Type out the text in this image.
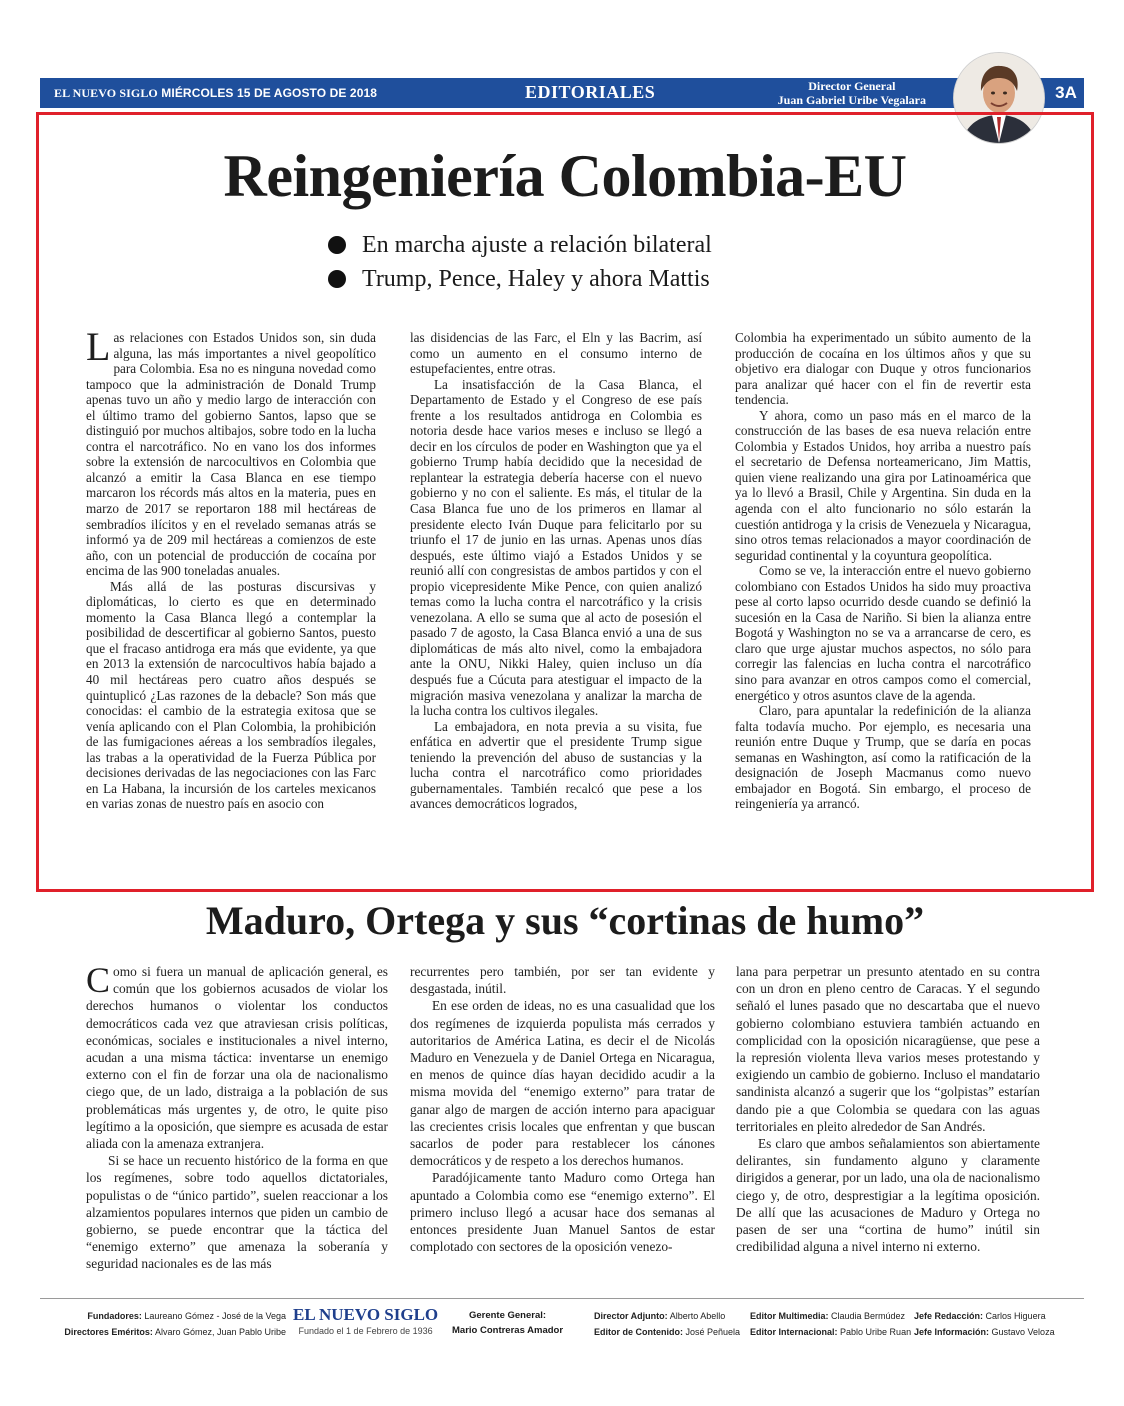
EL NUEVO SIGLO MIÉRCOLES 15 DE AGOSTO DE 2018	EDITORIALES	Director General
Juan Gabriel Uribe Vegalara	3A
Reingeniería Colombia-EU
En marcha ajuste a relación bilateral
Trump, Pence, Haley y ahora Mattis

Las relaciones con Estados Unidos son, sin duda alguna, las más importantes a nivel geopolítico para Colombia. Esa no es ninguna novedad como tampoco que la administración de Donald Trump apenas tuvo un año y medio largo de interacción con el último tramo del gobierno Santos, lapso que se distinguió por muchos altibajos, sobre todo en la lucha contra el narcotráfico. No en vano los dos informes sobre la extensión de narcocultivos en Colombia que alcanzó a emitir la Casa Blanca en ese tiempo marcaron los récords más altos en la materia, pues en marzo de 2017 se reportaron 188 mil hectáreas de sembradíos ilícitos y en el revelado semanas atrás se informó ya de 209 mil hectáreas a comienzos de este año, con un potencial de producción de cocaína por encima de las 900 toneladas anuales.

Más allá de las posturas discursivas y diplomáticas, lo cierto es que en determinado momento la Casa Blanca llegó a contemplar la posibilidad de descertificar al gobierno Santos, puesto que el fracaso antidroga era más que evidente, ya que en 2013 la extensión de narcocultivos había bajado a 40 mil hectáreas pero cuatro años después se quintuplicó ¿Las razones de la debacle? Son más que conocidas: el cambio de la estrategia exitosa que se venía aplicando con el Plan Colombia, la prohibición de las fumigaciones aéreas a los sembradíos ilegales, las trabas a la operatividad de la Fuerza Pública por decisiones derivadas de las negociaciones con las Farc en La Habana, la incursión de los carteles mexicanos en varias zonas de nuestro país en asocio con

las disidencias de las Farc, el Eln y las Bacrim, así como un aumento en el consumo interno de estupefacientes, entre otras.

La insatisfacción de la Casa Blanca, el Departamento de Estado y el Congreso de ese país frente a los resultados antidroga en Colombia es notoria desde hace varios meses e incluso se llegó a decir en los círculos de poder en Washington que ya el gobierno Trump había decidido que la necesidad de replantear la estrategia debería hacerse con el nuevo gobierno y no con el saliente. Es más, el titular de la Casa Blanca fue uno de los primeros en llamar al presidente electo Iván Duque para felicitarlo por su triunfo el 17 de junio en las urnas. Apenas unos días después, este último viajó a Estados Unidos y se reunió allí con congresistas de ambos partidos y con el propio vicepresidente Mike Pence, con quien analizó temas como la lucha contra el narcotráfico y la crisis venezolana. A ello se suma que al acto de posesión el pasado 7 de agosto, la Casa Blanca envió a una de sus diplomáticas de más alto nivel, como la embajadora ante la ONU, Nikki Haley, quien incluso un día después fue a Cúcuta para atestiguar el impacto de la migración masiva venezolana y analizar la marcha de la lucha contra los cultivos ilegales.

La embajadora, en nota previa a su visita, fue enfática en advertir que el presidente Trump sigue teniendo la prevención del abuso de sustancias y la lucha contra el narcotráfico como prioridades gubernamentales. También recalcó que pese a los avances democráticos logrados,

Colombia ha experimentado un súbito aumento de la producción de cocaína en los últimos años y que su objetivo era dialogar con Duque y otros funcionarios para analizar qué hacer con el fin de revertir esta tendencia.

Y ahora, como un paso más en el marco de la construcción de las bases de esa nueva relación entre Colombia y Estados Unidos, hoy arriba a nuestro país el secretario de Defensa norteamericano, Jim Mattis, quien viene realizando una gira por Latinoamérica que ya lo llevó a Brasil, Chile y Argentina. Sin duda en la agenda con el alto funcionario no sólo estarán la cuestión antidroga y la crisis de Venezuela y Nicaragua, sino otros temas relacionados a mayor coordinación de seguridad continental y la coyuntura geopolítica.

Como se ve, la interacción entre el nuevo gobierno colombiano con Estados Unidos ha sido muy proactiva pese al corto lapso ocurrido desde cuando se definió la sucesión en la Casa de Nariño. Si bien la alianza entre Bogotá y Washington no se va a arrancarse de cero, es claro que urge ajustar muchos aspectos, no sólo para corregir las falencias en lucha contra el narcotráfico sino para avanzar en otros campos como el comercial, energético y otros asuntos clave de la agenda.

Claro, para apuntalar la redefinición de la alianza falta todavía mucho. Por ejemplo, es necesaria una reunión entre Duque y Trump, que se daría en pocas semanas en Washington, así como la ratificación de la designación de Joseph Macmanus como nuevo embajador en Bogotá. Sin embargo, el proceso de reingeniería ya arrancó.

Maduro, Ortega y sus “cortinas de humo”

Como si fuera un manual de aplicación general, es común que los gobiernos acusados de violar los derechos humanos o violentar los conductos democráticos cada vez que atraviesan crisis políticas, económicas, sociales e institucionales a nivel interno, acudan a una misma táctica: inventarse un enemigo externo con el fin de forzar una ola de nacionalismo ciego que, de un lado, distraiga a la población de sus problemáticas más urgentes y, de otro, le quite piso legítimo a la oposición, que siempre es acusada de estar aliada con la amenaza extranjera.

Si se hace un recuento histórico de la forma en que los regímenes, sobre todo aquellos dictatoriales, populistas o de “único partido”, suelen reaccionar a los alzamientos populares internos que piden un cambio de gobierno, se puede encontrar que la táctica del “enemigo externo” que amenaza la soberanía y seguridad nacionales es de las más

recurrentes pero también, por ser tan evidente y desgastada, inútil.

En ese orden de ideas, no es una casualidad que los dos regímenes de izquierda populista más cerrados y autoritarios de América Latina, es decir el de Nicolás Maduro en Venezuela y de Daniel Ortega en Nicaragua, en menos de quince días hayan decidido acudir a la misma movida del “enemigo externo” para tratar de ganar algo de margen de acción interno para apaciguar las crecientes crisis locales que enfrentan y que buscan sacarlos de poder para restablecer los cánones democráticos y de respeto a los derechos humanos.

Paradójicamente tanto Maduro como Ortega han apuntado a Colombia como ese “enemigo externo”. El primero incluso llegó a acusar hace dos semanas al entonces presidente Juan Manuel Santos de estar complotado con sectores de la oposición venezo-

lana para perpetrar un presunto atentado en su contra con un dron en pleno centro de Caracas. Y el segundo señaló el lunes pasado que no descartaba que el nuevo gobierno colombiano estuviera también actuando en complicidad con la oposición nicaragüense, que pese a la represión violenta lleva varios meses protestando y exigiendo un cambio de gobierno. Incluso el mandatario sandinista alcanzó a sugerir que los “golpistas” estarían dando pie a que Colombia se quedara con las aguas territoriales en pleito alrededor de San Andrés.

Es claro que ambos señalamientos son abiertamente delirantes, sin fundamento alguno y claramente dirigidos a generar, por un lado, una ola de nacionalismo ciego y, de otro, desprestigiar a la legítima oposición. De allí que las acusaciones de Maduro y Ortega no pasen de ser una “cortina de humo” inútil sin credibilidad alguna a nivel interno ni externo.

Fundadores: Laureano Gómez - José de la Vega
Directores Eméritos: Alvaro Gómez, Juan Pablo Uribe
EL NUEVO SIGLO
Fundado el 1 de Febrero de 1936
Gerente General:
Mario Contreras Amador
Director Adjunto: Alberto Abello
Editor de Contenido: José Peñuela
Editor Multimedia: Claudia Bermúdez
Editor Internacional: Pablo Uribe Ruan
Jefe Redacción: Carlos Higuera
Jefe Información: Gustavo Veloza
